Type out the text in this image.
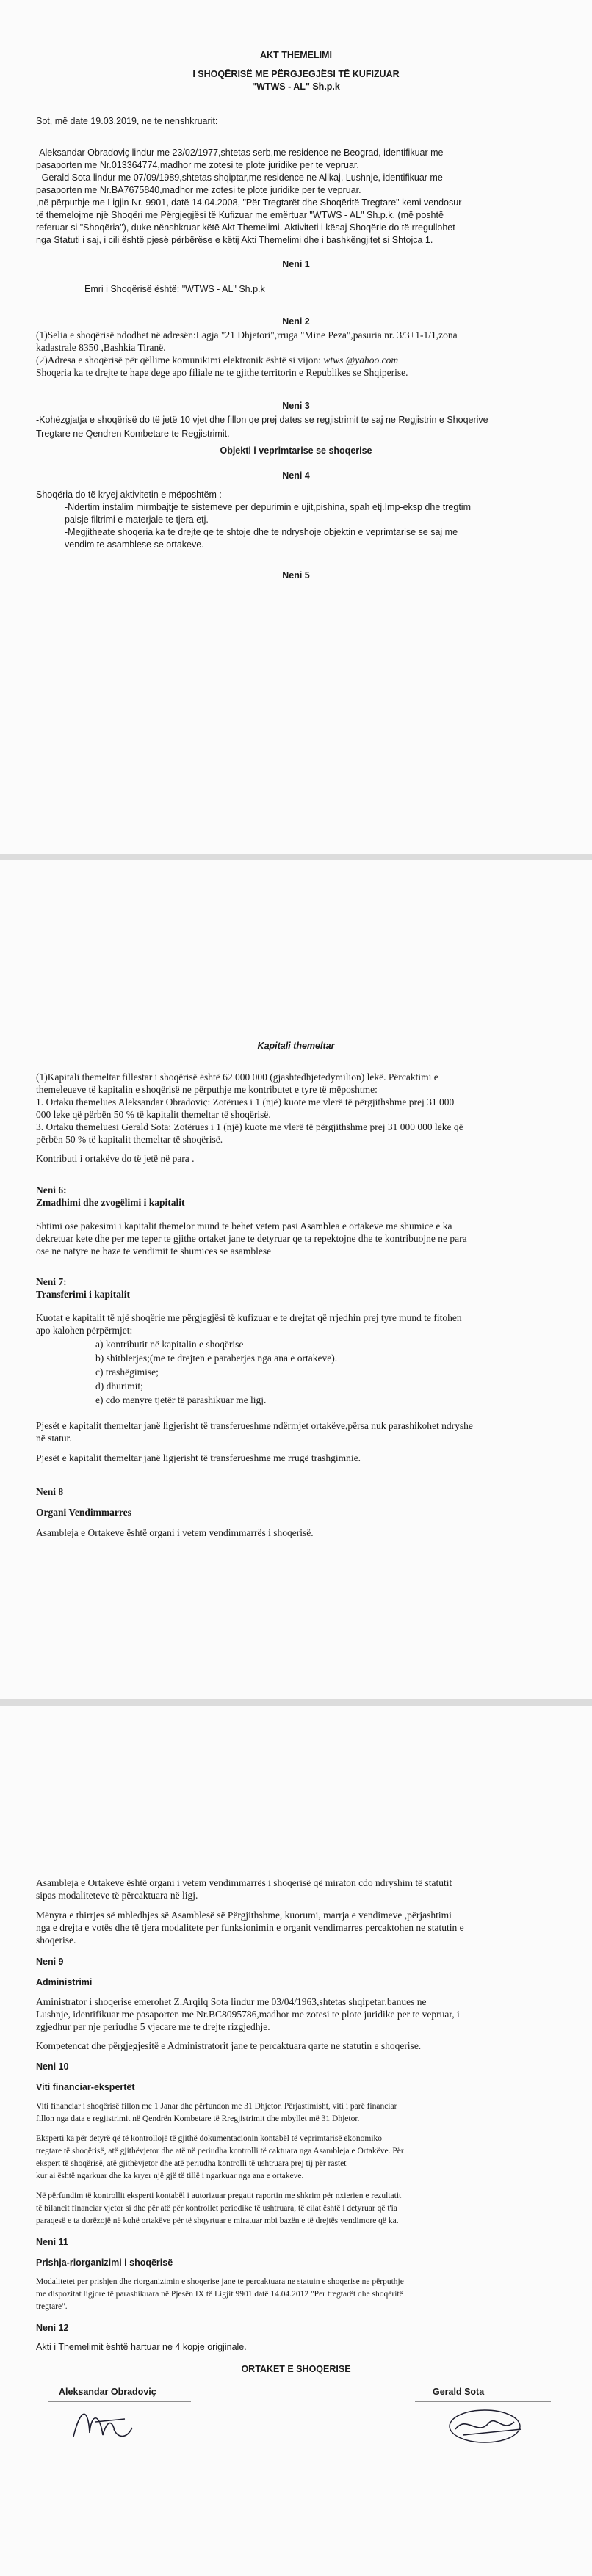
AKT THEMELIMI
I SHOQËRISË ME PËRGJEGJËSI TË KUFIZUAR
"WTWS - AL" Sh.p.k
Sot, më date 19.03.2019, ne te nenshkruarit:
-Aleksandar Obradoviç lindur me 23/02/1977,shtetas serb,me residence ne Beograd, identifikuar me
pasaporten me Nr.013364774,madhor me zotesi te plote juridike per te vepruar.
- Gerald Sota lindur me 07/09/1989,shtetas shqiptar,me residence ne Allkaj, Lushnje, identifikuar me
pasaporten me Nr.BA7675840,madhor me zotesi te plote juridike per te vepruar.
,në përputhje me Ligjin Nr. 9901, datë 14.04.2008, "Për Tregtarët dhe Shoqëritë Tregtare" kemi vendosur
të themelojme një Shoqëri me Përgjegjësi të Kufizuar me emërtuar "WTWS - AL" Sh.p.k. (më poshtë
referuar si "Shoqëria"), duke nënshkruar këtë Akt Themelimi. Aktiviteti i kësaj Shoqërie do të rregullohet
nga Statuti i saj, i cili është pjesë përbërëse e këtij Akti Themelimi dhe i bashkëngjitet si Shtojca 1.
Neni 1
Emri i Shoqërisë është: "WTWS - AL" Sh.p.k
Neni 2
(1)Selia e shoqërisë ndodhet në adresën:Lagja "21 Dhjetori",rruga "Mine Peza",pasuria nr. 3/3+1-1/1,zona
kadastrale 8350 ,Bashkia Tiranë.
(2)Adresa e shoqërisë për qëllime komunikimi elektronik është si vijon: wtws @yahoo.com
Shoqeria ka te drejte te hape dege apo filiale ne te gjithe territorin e Republikes se Shqiperise.
Neni 3
-Kohëzgjatja e shoqërisë do të jetë 10 vjet dhe fillon qe prej dates se regjistrimit te saj ne Regjistrin e Shoqerive
Tregtare ne Qendren Kombetare te Regjistrimit.
Objekti i veprimtarise se shoqerise
Neni 4
Shoqëria do të kryej aktivitetin e mëposhtëm :
-Ndertim instalim mirmbajtje te sistemeve per depurimin e ujit,pishina, spah etj.Imp-eksp dhe tregtim
paisje filtrimi e materjale te tjera etj.
-Megjitheate shoqeria ka te drejte qe te shtoje dhe te ndryshoje objektin e veprimtarise se saj me
vendim te asamblese se ortakeve.
Neni 5
Kapitali themeltar
(1)Kapitali themeltar fillestar i shoqërisë është 62 000 000 (gjashtedhjetedymilion) lekë. Përcaktimi e
themeleueve të kapitalin e shoqërisë ne përputhje me kontributet e tyre të mëposhtme:
1. Ortaku themelues Aleksandar Obradoviç: Zotërues i 1 (një) kuote me vlerë të përgjithshme prej 31 000
000 leke që përbën 50 % të kapitalit themeltar të shoqërisë.
3. Ortaku themeluesi Gerald Sota: Zotërues i 1 (një) kuote me vlerë të përgjithshme prej 31 000 000 leke që
përbën 50 % të kapitalit themeltar të shoqërisë.
Kontributi i ortakëve do të jetë në para .
Neni 6:
Zmadhimi dhe zvogëlimi i kapitalit
Shtimi ose pakesimi i kapitalit themelor mund te behet vetem pasi Asamblea e ortakeve me shumice e ka
dekretuar kete dhe per me teper te gjithe ortaket jane te detyruar qe ta repektojne dhe te kontribuojne ne para
ose ne natyre ne baze te vendimit te shumices se asamblese
Neni 7:
Transferimi i kapitalit
Kuotat e kapitalit të një shoqërie me përgjegjësi të kufizuar e te drejtat që rrjedhin prej tyre mund te fitohen
apo kalohen përpërmjet:
a) kontributit në kapitalin e shoqërise
b) shitblerjes;(me te drejten e paraberjes nga ana e ortakeve).
c) trashëgimise;
d) dhurimit;
e) cdo menyre tjetër të parashikuar me ligj.
Pjesët e kapitalit themeltar janë ligjerisht të transferueshme ndërmjet ortakëve,përsa nuk parashikohet ndryshe
në statur.
Pjesët e kapitalit themeltar janë ligjerisht të transferueshme me rrugë trashgimnie.
Neni 8
Organi Vendimmarres
Asambleja e Ortakeve është organi i vetem vendimmarrës i shoqerisë.
Asambleja e Ortakeve është organi i vetem vendimmarrës i shoqerisë që miraton cdo ndryshim të statutit
sipas modaliteteve të përcaktuara në ligj.
Mënyra e thirrjes së mbledhjes së Asamblesë së Përgjithshme, kuorumi, marrja e vendimeve ,përjashtimi
nga e drejta e votës dhe të tjera modalitete per funksionimin e organit vendimarres percaktohen ne statutin e
shoqerise.
Neni 9
Administrimi
Aministrator i shoqerise emerohet Z.Arqilq Sota lindur me 03/04/1963,shtetas shqipetar,banues ne
Lushnje, identifikuar me pasaporten me Nr.BC8095786,madhor me zotesi te plote juridike per te vepruar, i
zgjedhur per nje periudhe 5 vjecare me te drejte rizgjedhje.
Kompetencat dhe përgjegjesitë e Administratorit jane te percaktuara qarte ne statutin e shoqerise.
Neni 10
Viti financiar-ekspertët
Viti financiar i shoqërisë fillon me 1 Janar dhe përfundon me 31 Dhjetor. Përjastimisht, viti i parë financiar
fillon nga data e regjistrimit në Qendrën Kombetare të Rregjistrimit dhe mbyllet më 31 Dhjetor.
Eksperti ka për detyrë që të kontrollojë të gjithë dokumentacionin kontabël të veprimtarisë ekonomiko
tregtare të shoqërisë, atë gjithëvjetor dhe atë në periudha kontrolli të caktuara nga Asambleja e Ortakëve. Për
ekspert të shoqërisë, atë gjithëvjetor dhe atë periudha kontrolli të ushtruara prej tij për rastet
kur ai është ngarkuar dhe ka kryer një gjë të tillë i ngarkuar nga ana e ortakeve.
Në përfundim të kontrollit eksperti kontabël i autorizuar pregatit raportin me shkrim për nxierien e rezultatit
të bilancit financiar vjetor si dhe për atë për kontrollet periodike të ushtruara, të cilat është i detyruar që t'ia
paraqesë e ta dorëzojë në kohë ortakëve për të shqyrtuar e miratuar mbi bazën e të drejtës vendimore që ka.
Neni 11
Prishja-riorganizimi i shoqërisë
Modalitetet per prishjen dhe riorganizimin e shoqerise jane te percaktuara ne statuin e shoqerise ne përputhje
me dispozitat ligjore të parashikuara në Pjesën IX të Ligjit 9901 datë 14.04.2012 "Per tregtarët dhe shoqëritë
tregtare".
Neni 12
Akti i Themelimit është hartuar ne 4 kopje origjinale.
ORTAKET E SHOQERISE
Aleksandar Obradoviç	Gerald Sota
